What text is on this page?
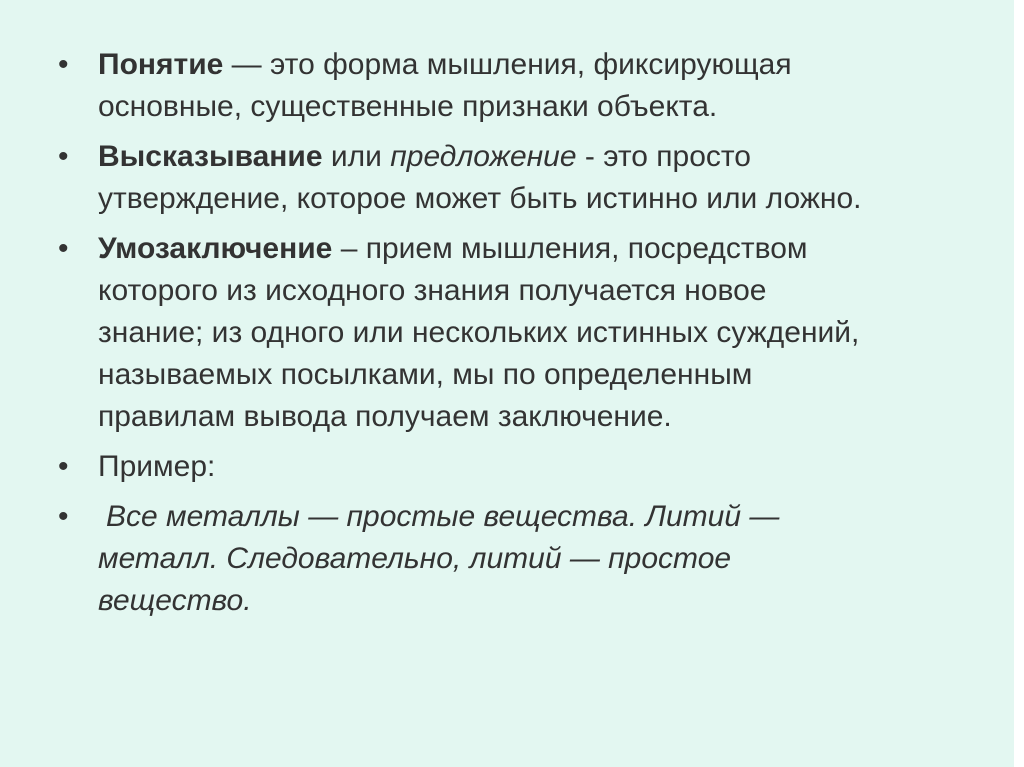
• Понятие — это форма мышления, фиксирующая основные, существенные признаки объекта.
• Высказывание или предложение - это просто утверждение, которое может быть истинно или ложно.
• Умозаключение – прием мышления, посредством которого из исходного знания получается новое знание; из одного или нескольких истинных суждений, называемых посылками, мы по определенным правилам вывода получаем заключение.
• Пример:
•	Все металлы — простые вещества. Литий — металл. Следовательно, литий — простое вещество.
